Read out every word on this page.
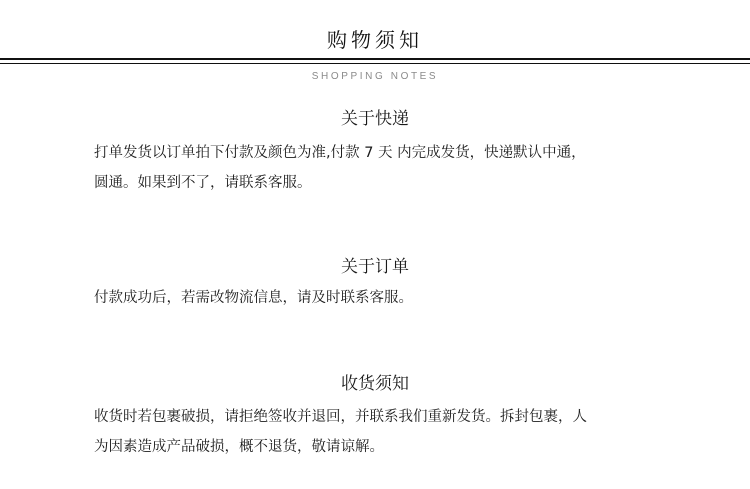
购物须知
SHOPPING NOTES
关于快递

打单发货以订单拍下付款及颜色为准,付款 7 天 内完成发货，快递默认中通，

圆通。如果到不了，请联系客服。

关于订单

付款成功后，若需改物流信息，请及时联系客服。

收货须知

收货时若包裹破损，请拒绝签收并退回，并联系我们重新发货。拆封包裹，人

为因素造成产品破损，概不退货，敬请谅解。
